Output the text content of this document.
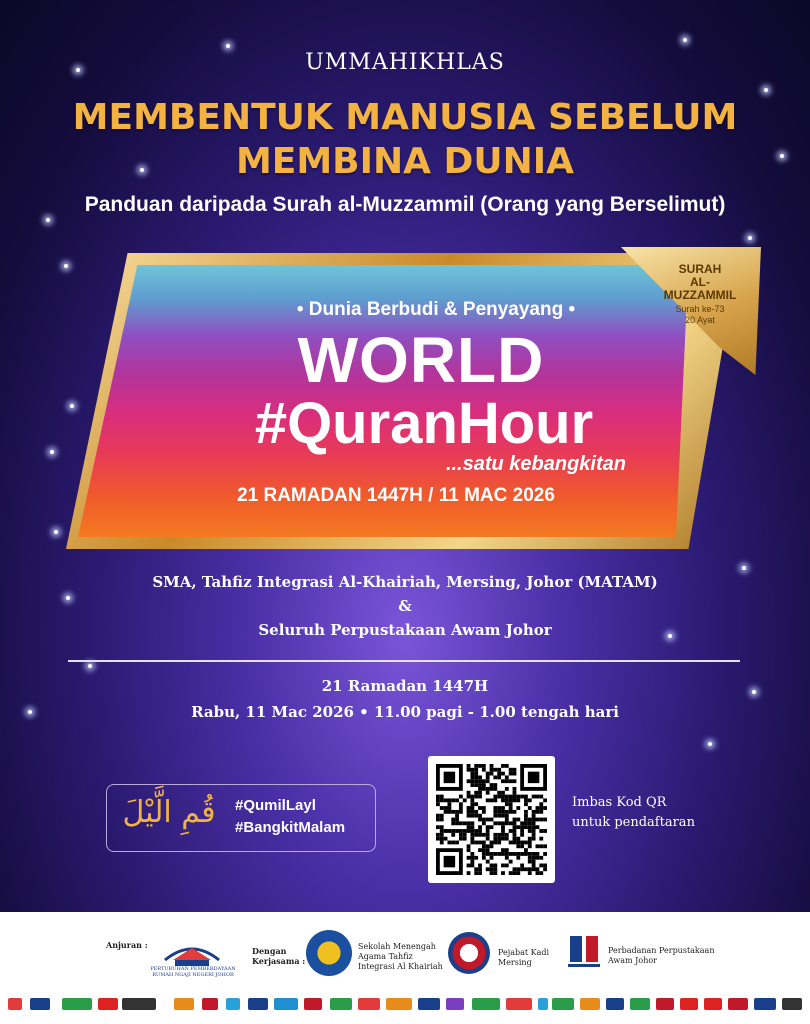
UMMAHIKHLAS
MEMBENTUK MANUSIA SEBELUM
MEMBINA DUNIA
Panduan daripada Surah al-Muzzammil (Orang yang Berselimut)
SURAH
AL-MUZZAMMIL
Surah ke-73
20 Ayat
• Dunia Berbudi & Penyayang •
WORLD
#QuranHour
...satu kebangkitan
21 RAMADAN 1447H / 11 MAC 2026
SMA, Tahfiz Integrasi Al-Khairiah, Mersing, Johor (MATAM)
&
Seluruh Perpustakaan Awam Johor
21 Ramadan 1447H
Rabu, 11 Mac 2026 • 11.00 pagi - 1.00 tengah hari
قُمِ الَّيْلَ #QumilLayl
#BangkitMalam
Imbas Kod QR
untuk pendaftaran
Anjuran :
PERTUBUHAN PEMBERDAYAAN RUMAH NGAJI NEGERI JOHOR
Dengan
Kerjasama :
Sekolah Menengah
Agama Tahfiz
Integrasi Al Khairiah
Pejabat Kadi
Mersing
Perbadanan Perpustakaan
Awam Johor
